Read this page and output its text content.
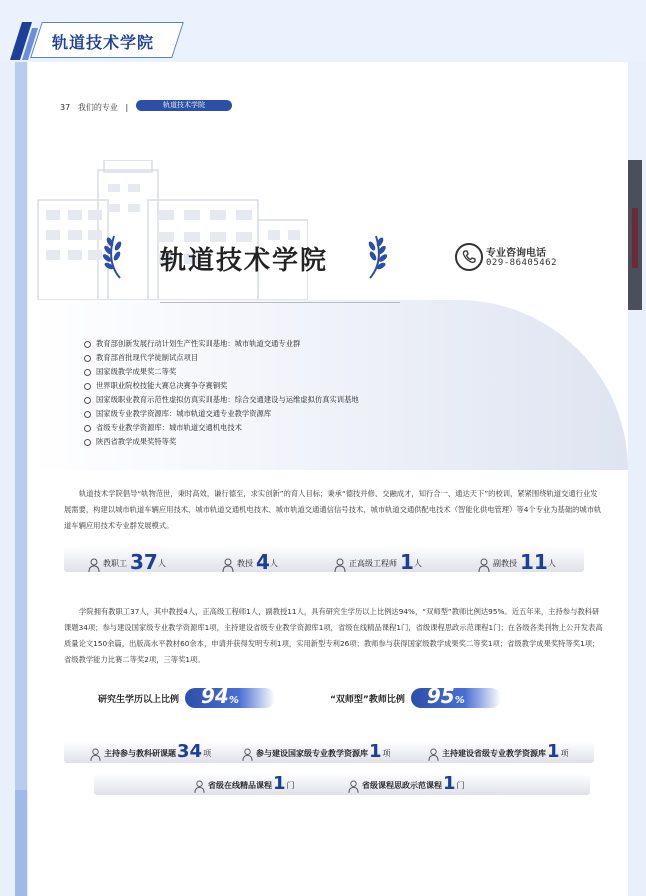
轨道技术学院
37 我们的专业 |	轨道技术学院
轨道技术学院	专业咨询电话
029-86405462
教育部创新发展行动计划生产性实训基地：城市轨道交通专业群
教育部首批现代学徒制试点项目
国家级教学成果奖二等奖
世界职业院校技能大赛总决赛争夺赛铜奖
国家级职业教育示范性虚拟仿真实训基地：综合交通建设与运维虚拟仿真实训基地
国家级专业教学资源库：城市轨道交通专业教学资源库
省级专业教学资源库：城市轨道交通机电技术
陕西省教学成果奖特等奖
轨道技术学院倡导“轨物范世，秉时高效，谦行德至，求实创新”的育人目标；秉承“德技并修、交融成才，知行合一、通达天下”的校训，紧紧围绕轨道交通行业发展需要，构建以城市轨道车辆应用技术、城市轨道交通机电技术、城市轨道交通通信信号技术、城市轨道交通供配电技术（智能化供电管理）等4个专业为基础的城市轨道车辆应用技术专业群发展模式。
教职工 37 人	教授 4 人	正高级工程师 1 人	副教授 11 人
学院拥有教职工37人，其中教授4人，正高级工程师1人，副教授11人，具有研究生学历以上比例达94%，“双师型”教师比例达95%。近五年来，主持参与教科研课题34项；参与建设国家级专业教学资源库1项，主持建设省级专业教学资源库1项，省级在线精品课程1门，省级课程思政示范课程1门；在各级各类刊物上公开发表高质量论文150余篇，出版高水平教材60余本，申请并获得发明专利1项，实用新型专利26项；教师参与获得国家级教学成果奖二等奖1项；省级教学成果奖特等奖1项；省级教学能力比赛二等奖2项，三等奖1项。
研究生学历以上比例 94%	“双师型”教师比例 95%
主持参与教科研课题 34 项	参与建设国家级专业教学资源库 1 项	主持建设省级专业教学资源库 1 项
省级在线精品课程 1 门	省级课程思政示范课程 1 门
